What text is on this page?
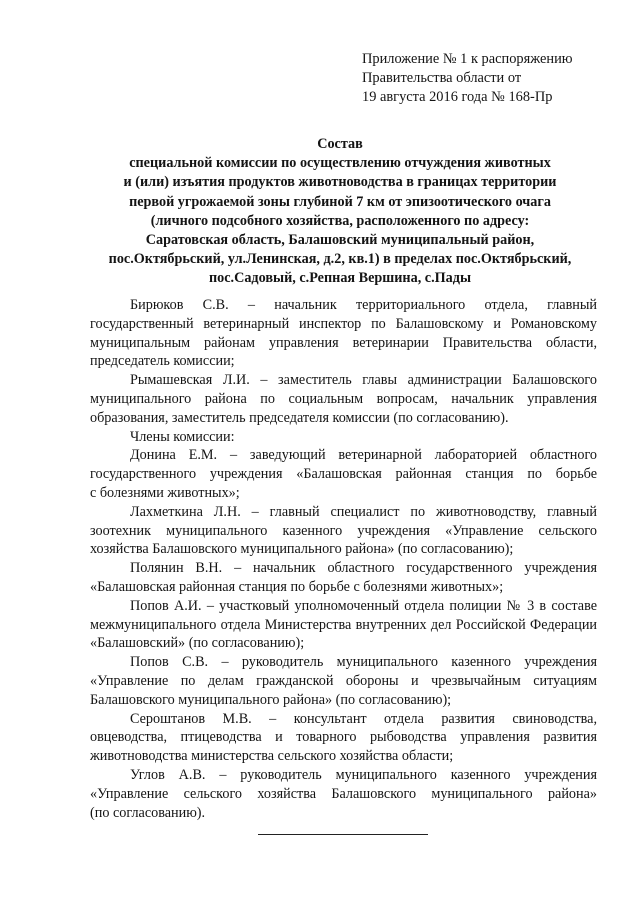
Приложение № 1 к распоряжению
Правительства области от
19 августа 2016 года № 168-Пр
Состав
специальной комиссии по осуществлению отчуждения животных
и (или) изъятия продуктов животноводства в границах территории
первой угрожаемой зоны глубиной 7 км от эпизоотического очага
(личного подсобного хозяйства, расположенного по адресу:
Саратовская область, Балашовский муниципальный район,
пос.Октябрьский, ул.Ленинская, д.2, кв.1) в пределах пос.Октябрьский,
пос.Садовый, с.Репная Вершина, с.Пады
Бирюков С.В. – начальник территориального отдела, главный
государственный ветеринарный инспектор по Балашовскому и Романовскому
муниципальным районам управления ветеринарии Правительства области,
председатель комиссии;
Рымашевская Л.И. – заместитель главы администрации Балашовского
муниципального района по социальным вопросам, начальник управления
образования, заместитель председателя комиссии (по согласованию).
Члены комиссии:
Донина Е.М. – заведующий ветеринарной лабораторией областного
государственного учреждения «Балашовская районная станция по борьбе
с болезнями животных»;
Лахметкина Л.Н. – главный специалист по животноводству, главный
зоотехник муниципального казенного учреждения «Управление сельского
хозяйства Балашовского муниципального района» (по согласованию);
Полянин В.Н. – начальник областного государственного учреждения
«Балашовская районная станция по борьбе с болезнями животных»;
Попов А.И. – участковый уполномоченный отдела полиции № 3 в составе
межмуниципального отдела Министерства внутренних дел Российской Федерации
«Балашовский» (по согласованию);
Попов С.В. – руководитель муниципального казенного учреждения
«Управление по делам гражданской обороны и чрезвычайным ситуациям
Балашовского муниципального района» (по согласованию);
Сероштанов М.В. – консультант отдела развития свиноводства,
овцеводства, птицеводства и товарного рыбоводства управления развития
животноводства министерства сельского хозяйства области;
Углов А.В. – руководитель муниципального казенного учреждения
«Управление сельского хозяйства Балашовского муниципального района»
(по согласованию).
